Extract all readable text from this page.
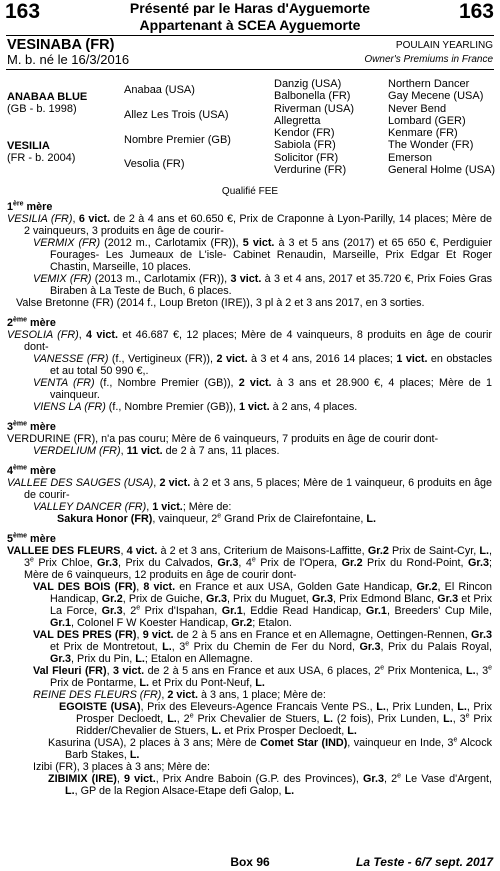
163	163
Présenté par le Haras d'Ayguemorte
Appartenant à SCEA Ayguemorte
VESINABA (FR)
M. b. né le 16/3/2016
POULAIN YEARLING
Owner's Premiums in France
ANABAA BLUE
(GB - b. 1998)
VESILIA
(FR - b. 2004)
Anabaa (USA)
Allez Les Trois (USA)
Nombre Premier (GB)
Vesolia (FR)
Danzig (USA)
Balbonella (FR)
Riverman (USA)
Allegretta
Kendor (FR)
Sabiola (FR)
Solicitor (FR)
Verdurine (FR)
Northern Dancer
Gay Mecene (USA)
Never Bend
Lombard (GER)
Kenmare (FR)
The Wonder (FR)
Emerson
General Holme (USA)
Qualifié FEE

1ère mère

VESILIA (FR), 6 vict. de 2 à 4 ans et 60.650 €, Prix de Craponne à Lyon-Parilly, 14 places; Mère de 2 vainqueurs, 3 produits en âge de courir-

VERMIX (FR) (2012 m., Carlotamix (FR)), 5 vict. à 3 et 5 ans (2017) et 65 650 €, Perdiguier Fourages- Les Jumeaux de L'isle- Cabinet Renaudin, Marseille, Prix Edgar Et Roger Chastin, Marseille, 10 places.

VEMIX (FR) (2013 m., Carlotamix (FR)), 3 vict. à 3 et 4 ans, 2017 et 35.720 €, Prix Foies Gras Biraben à La Teste de Buch, 6 places.

Valse Bretonne (FR) (2014 f., Loup Breton (IRE)), 3 pl à 2 et 3 ans 2017, en 3 sorties.

2ème mère

VESOLIA (FR), 4 vict. et 46.687 €, 12 places; Mère de 4 vainqueurs, 8 produits en âge de courir dont-

VANESSE (FR) (f., Vertigineux (FR)), 2 vict. à 3 et 4 ans, 2016 14 places; 1 vict. en obstacles et au total 50 990 €,.

VENTA (FR) (f., Nombre Premier (GB)), 2 vict. à 3 ans et 28.900 €, 4 places; Mère de 1 vainqueur.

VIENS LA (FR) (f., Nombre Premier (GB)), 1 vict. à 2 ans, 4 places.

3ème mère

VERDURINE (FR), n'a pas couru; Mère de 6 vainqueurs, 7 produits en âge de courir dont-

VERDELIUM (FR), 11 vict. de 2 à 7 ans, 11 places.

4ème mère

VALLEE DES SAUGES (USA), 2 vict. à 2 et 3 ans, 5 places; Mère de 1 vainqueur, 6 produits en âge de courir-

VALLEY DANCER (FR), 1 vict.; Mère de:

Sakura Honor (FR), vainqueur, 2e Grand Prix de Clairefontaine, L.

5ème mère

VALLEE DES FLEURS, 4 vict. à 2 et 3 ans, Criterium de Maisons-Laffitte, Gr.2 Prix de Saint-Cyr, L., 3e Prix Chloe, Gr.3, Prix du Calvados, Gr.3, 4e Prix de l'Opera, Gr.2 Prix du Rond-Point, Gr.3; Mère de 6 vainqueurs, 12 produits en âge de courir dont-

VAL DES BOIS (FR), 8 vict. en France et aux USA, Golden Gate Handicap, Gr.2, El Rincon Handicap, Gr.2, Prix de Guiche, Gr.3, Prix du Muguet, Gr.3, Prix Edmond Blanc, Gr.3 et Prix La Force, Gr.3, 2e Prix d'Ispahan, Gr.1, Eddie Read Handicap, Gr.1, Breeders' Cup Mile, Gr.1, Colonel F W Koester Handicap, Gr.2; Etalon.

VAL DES PRES (FR), 9 vict. de 2 à 5 ans en France et en Allemagne, Oettingen-Rennen, Gr.3 et Prix de Montretout, L., 3e Prix du Chemin de Fer du Nord, Gr.3, Prix du Palais Royal, Gr.3, Prix du Pin, L.; Etalon en Allemagne.

Val Fleuri (FR), 3 vict. de 2 à 5 ans en France et aux USA, 6 places, 2e Prix Montenica, L., 3e Prix de Pontarme, L. et Prix du Pont-Neuf, L.

REINE DES FLEURS (FR), 2 vict. à 3 ans, 1 place; Mère de:

EGOISTE (USA), Prix des Eleveurs-Agence Francais Vente PS., L., Prix Lunden, L., Prix Prosper Decloedt, L., 2e Prix Chevalier de Stuers, L. (2 fois), Prix Lunden, L., 3e Prix Ridder/Chevalier de Stuers, L. et Prix Prosper Decloedt, L.

Kasurina (USA), 2 places à 3 ans; Mère de Comet Star (IND), vainqueur en Inde, 3e Alcock Barb Stakes, L.

Izibi (FR), 3 places à 3 ans; Mère de:

ZIBIMIX (IRE), 9 vict., Prix Andre Baboin (G.P. des Provinces), Gr.3, 2e Le Vase d'Argent, L., GP de la Region Alsace-Etape defi Galop, L.

Box 96	La Teste - 6/7 sept. 2017
